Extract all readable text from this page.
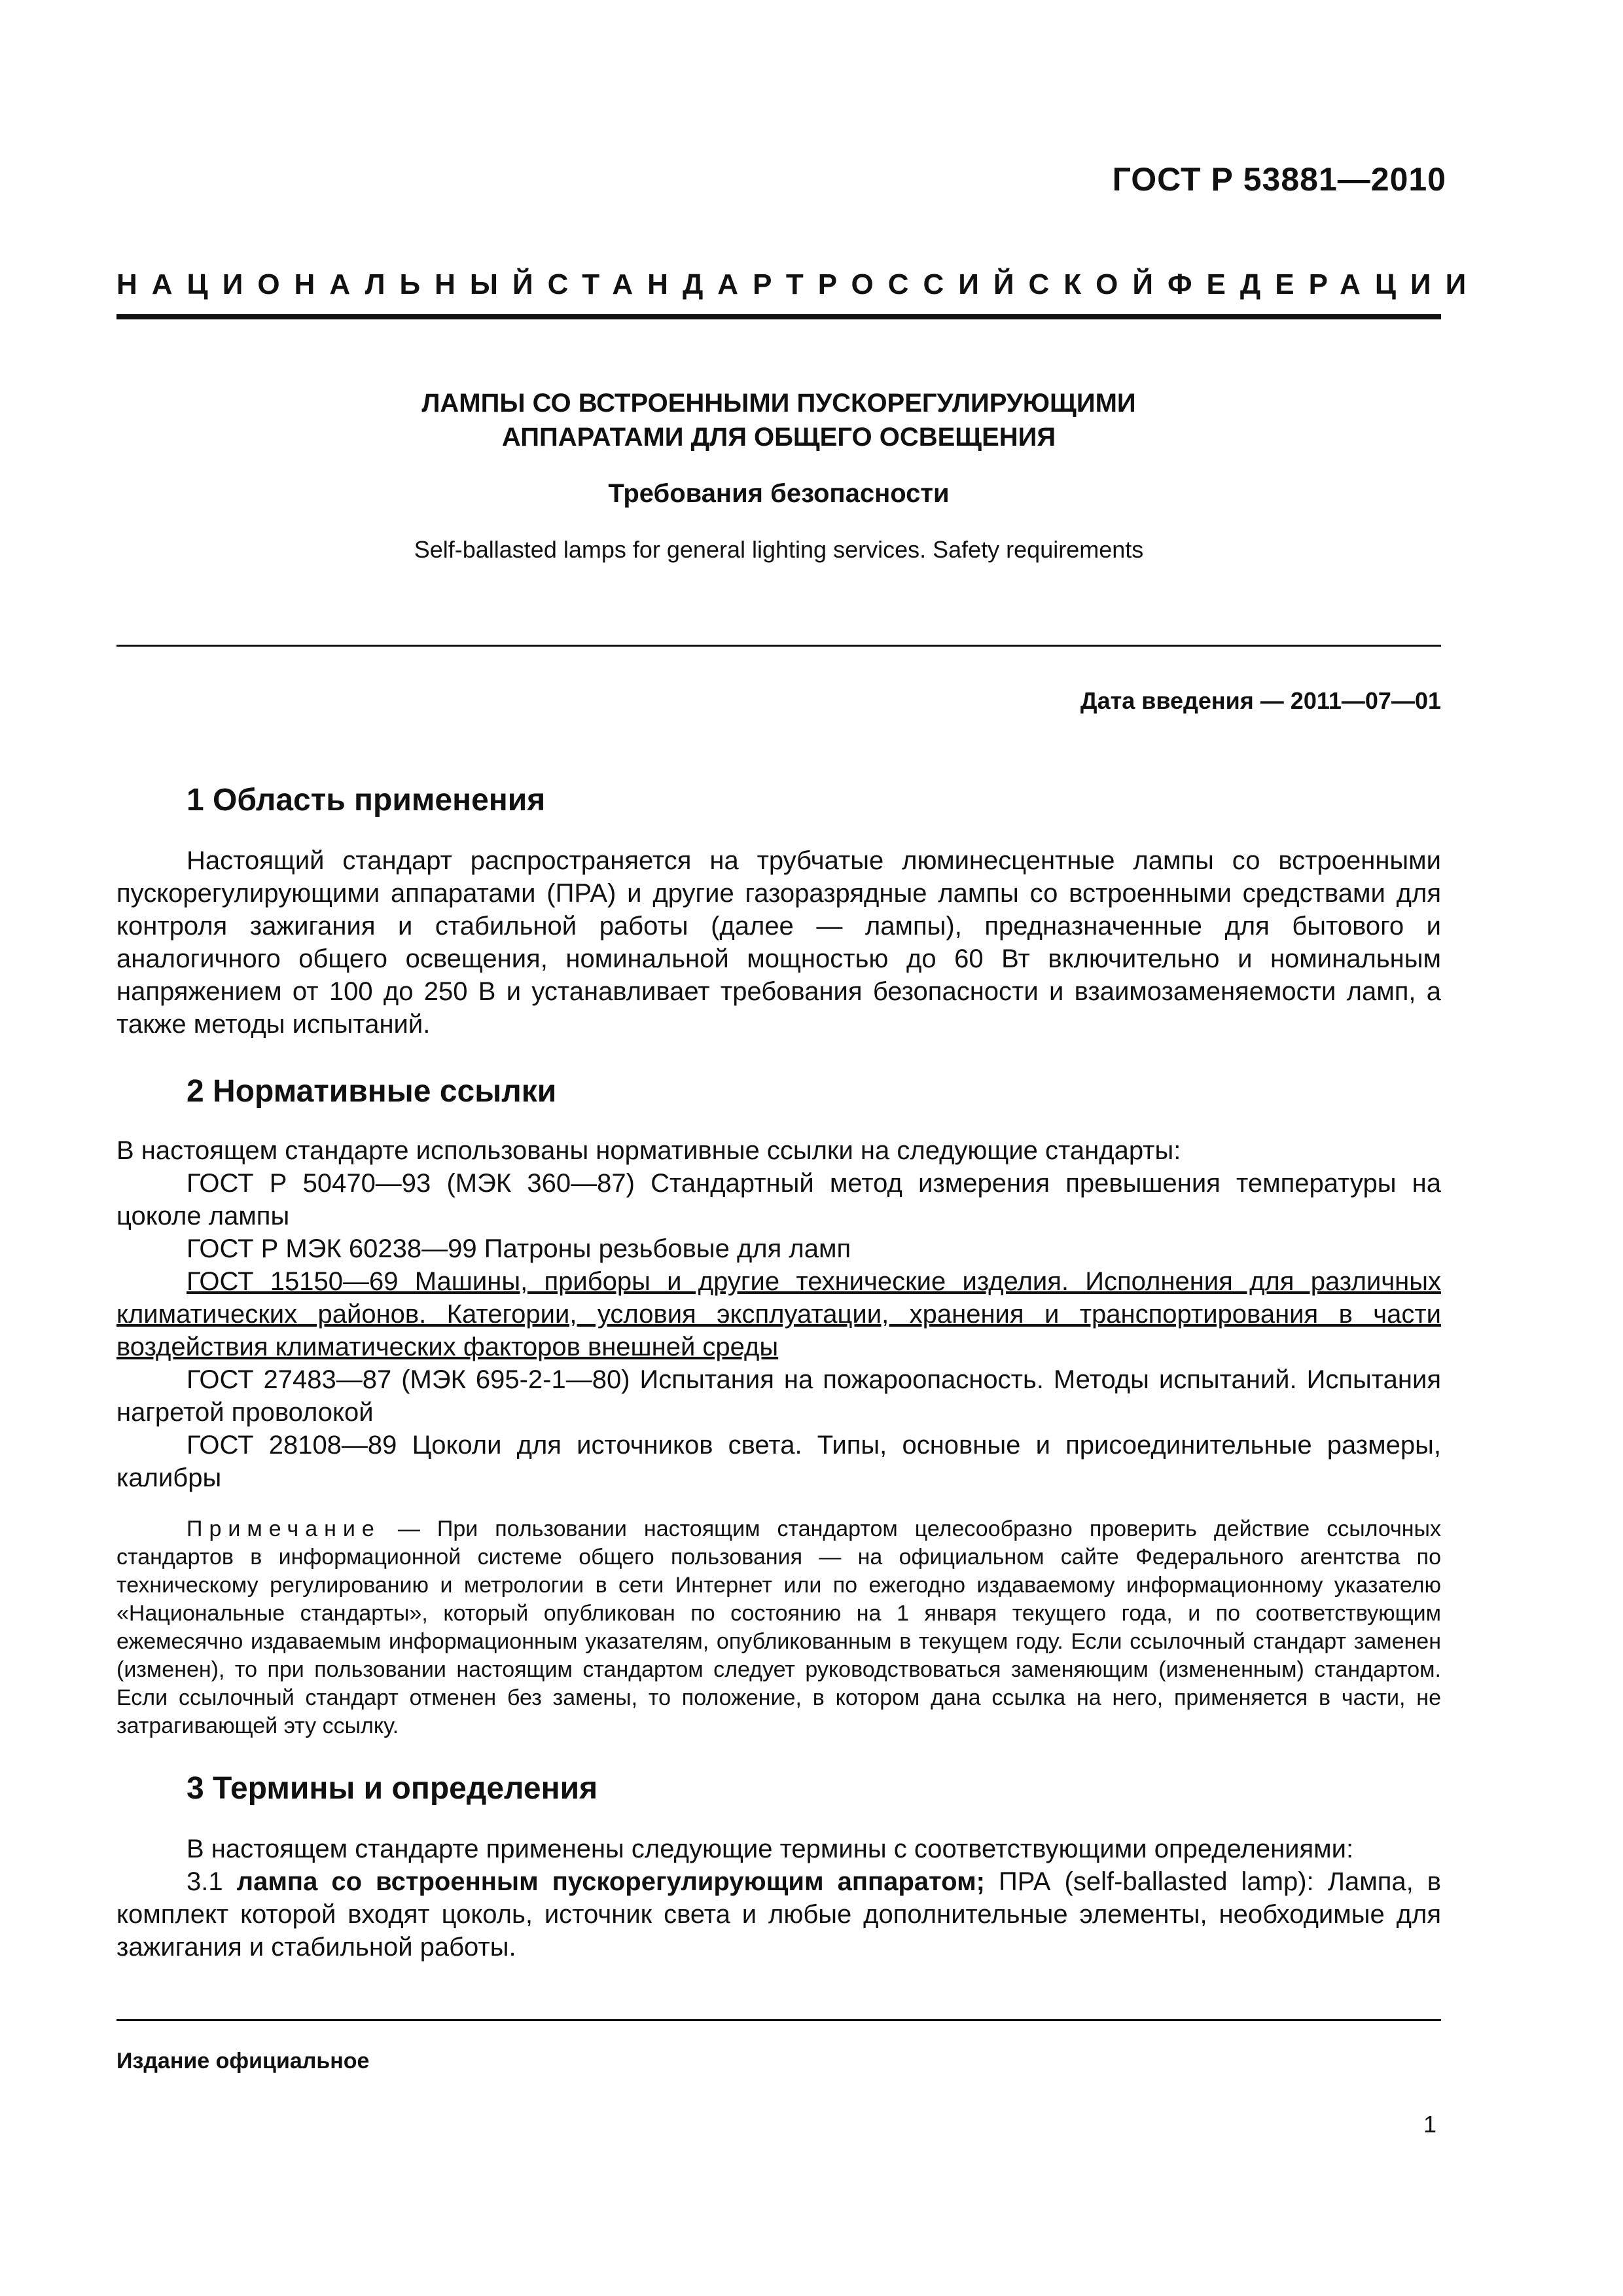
ГОСТ Р 53881—2010
НАЦИОНАЛЬНЫЙ СТАНДАРТ РОССИЙСКОЙ ФЕДЕРАЦИИ
ЛАМПЫ СО ВСТРОЕННЫМИ ПУСКОРЕГУЛИРУЮЩИМИ
АППАРАТАМИ ДЛЯ ОБЩЕГО ОСВЕЩЕНИЯ
Требования безопасности
Self-ballasted lamps for general lighting services. Safety requirements
Дата введения — 2011—07—01
1 Область применения
Настоящий стандарт распространяется на трубчатые люминесцентные лампы со встроенными пускорегулирующими аппаратами (ПРА) и другие газоразрядные лампы со встроенными средствами для контроля зажигания и стабильной работы (далее — лампы), предназначенные для бытового и аналогичного общего освещения, номинальной мощностью до 60 Вт включительно и номинальным напряжением от 100 до 250 В и устанавливает требования безопасности и взаимозаменяемости ламп, а также методы испытаний.
2 Нормативные ссылки

В настоящем стандарте использованы нормативные ссылки на следующие стандарты:

ГОСТ Р 50470—93 (МЭК 360—87) Стандартный метод измерения превышения температуры на цоколе лампы

ГОСТ Р МЭК 60238—99 Патроны резьбовые для ламп

ГОСТ 15150—69 Машины, приборы и другие технические изделия. Исполнения для различных климатических районов. Категории, условия эксплуатации, хранения и транспортирования в части воздействия климатических факторов внешней среды

ГОСТ 27483—87 (МЭК 695-2-1—80) Испытания на пожароопасность. Методы испытаний. Испытания нагретой проволокой

ГОСТ 28108—89 Цоколи для источников света. Типы, основные и присоединительные размеры, калибры

Примечание — При пользовании настоящим стандартом целесообразно проверить действие ссылочных стандартов в информационной системе общего пользования — на официальном сайте Федерального агентства по техническому регулированию и метрологии в сети Интернет или по ежегодно издаваемому информационному указателю «Национальные стандарты», который опубликован по состоянию на 1 января текущего года, и по соответствующим ежемесячно издаваемым информационным указателям, опубликованным в текущем году. Если ссылочный стандарт заменен (изменен), то при пользовании настоящим стандартом следует руководствоваться заменяющим (измененным) стандартом. Если ссылочный стандарт отменен без замены, то положение, в котором дана ссылка на него, применяется в части, не затрагивающей эту ссылку.
3 Термины и определения

В настоящем стандарте применены следующие термины с соответствующими определениями:

3.1 лампа со встроенным пускорегулирующим аппаратом; ПРА (self-ballasted lamp): Лампа, в комплект которой входят цоколь, источник света и любые дополнительные элементы, необходимые для зажигания и стабильной работы.

Издание официальное
1
